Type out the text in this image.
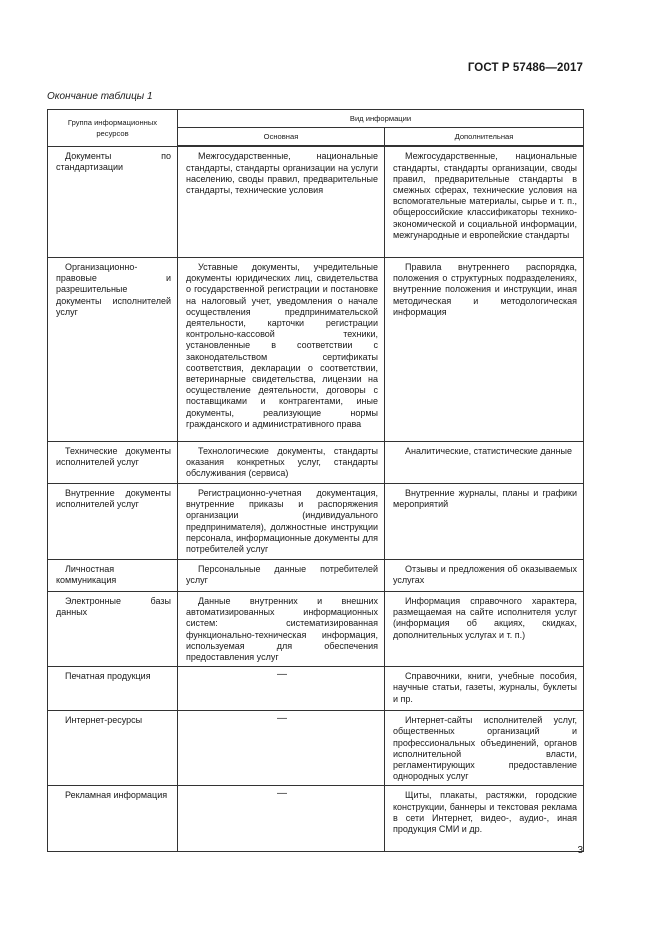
ГОСТ Р 57486—2017
Окончание таблицы 1
Группа информационных ресурсов	Вид информации	
	Основная	Дополнительная
Документы по стандартизации	Межгосударственные, национальные стандарты, стандарты организации на услуги населению, своды правил, предварительные стандарты, технические условия	Межгосударственные, национальные стандарты, стандарты организации, своды правил, предварительные стандарты в смежных сферах, технические условия на вспомогательные материалы, сырье и т. п., общероссийские классификаторы технико-экономической и социальной информации, межгународные и европейские стандарты
Организационно-правовые и разрешительные документы исполнителей услуг	Уставные документы, учредительные документы юридических лиц, свидетельства о государственной регистрации и постановке на налоговый учет, уведомления о начале осуществления предпринимательской деятельности, карточки регистрации контрольно-кассовой техники, установленные в соответствии с законодательством сертификаты соответствия, декларации о соответствии, ветеринарные свидетельства, лицензии на осуществление деятельности, договоры с поставщиками и контрагентами, иные документы, реализующие нормы гражданского и административного права	Правила внутреннего распорядка, положения о структурных подразделениях, внутренние положения и инструкции, иная методическая и методологическая информация
Технические документы исполнителей услуг	Технологические документы, стандарты оказания конкретных услуг, стандарты обслуживания (сервиса)	Аналитические, статистические данные
Внутренние документы исполнителей услуг	Регистрационно-учетная документация, внутренние приказы и распоряжения организации (индивидуального предпринимателя), должностные инструкции персонала, информационные документы для потребителей услуг	Внутренние журналы, планы и графики мероприятий
Личностная коммуникация	Персональные данные потребителей услуг	Отзывы и предложения об оказываемых услугах
Электронные базы данных	Данные внутренних и внешних автоматизированных информационных систем: систематизированная функционально-техническая информация, используемая для обеспечения предоставления услуг	Информация справочного характера, размещаемая на сайте исполнителя услуг (информация об акциях, скидках, дополнительных услугах и т. п.)
Печатная продукция	—	Справочники, книги, учебные пособия, научные статьи, газеты, журналы, буклеты и пр.
Интернет-ресурсы	—	Интернет-сайты исполнителей услуг, общественных организаций и профессиональных объединений, органов исполнительной власти, регламентирующих предоставление однородных услуг
Рекламная информация	—	Щиты, плакаты, растяжки, городские конструкции, баннеры и текстовая реклама в сети Интернет, видео-, аудио-, иная продукция СМИ и др.
3
